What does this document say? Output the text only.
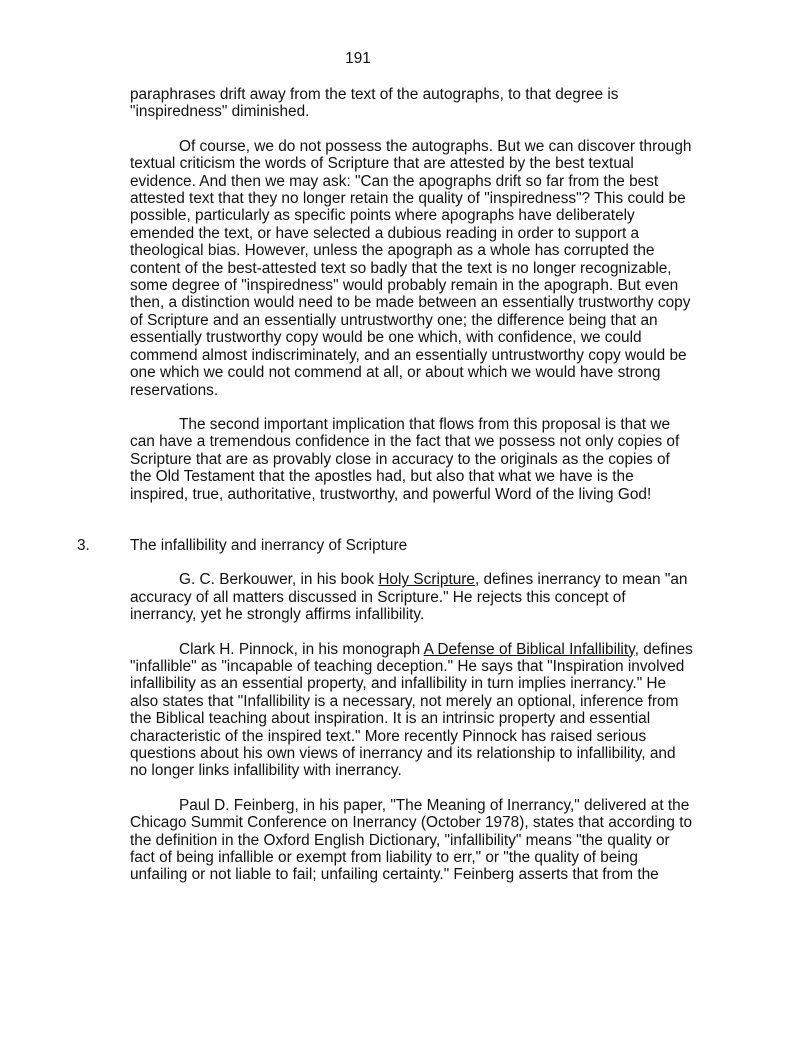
191

paraphrases drift away from the text of the autographs, to that degree is "inspiredness" diminished.

Of course, we do not possess the autographs. But we can discover through textual criticism the words of Scripture that are attested by the best textual evidence. And then we may ask: "Can the apographs drift so far from the best attested text that they no longer retain the quality of "inspiredness"? This could be possible, particularly as specific points where apographs have deliberately emended the text, or have selected a dubious reading in order to support a theological bias. However, unless the apograph as a whole has corrupted the content of the best-attested text so badly that the text is no longer recognizable, some degree of "inspiredness" would probably remain in the apograph. But even then, a distinction would need to be made between an essentially trustworthy copy of Scripture and an essentially untrustworthy one; the difference being that an essentially trustworthy copy would be one which, with confidence, we could commend almost indiscriminately, and an essentially untrustworthy copy would be one which we could not commend at all, or about which we would have strong reservations.

The second important implication that flows from this proposal is that we can have a tremendous confidence in the fact that we possess not only copies of Scripture that are as provably close in accuracy to the originals as the copies of the Old Testament that the apostles had, but also that what we have is the inspired, true, authoritative, trustworthy, and powerful Word of the living God!

3.	The infallibility and inerrancy of Scripture

G. C. Berkouwer, in his book Holy Scripture, defines inerrancy to mean "an accuracy of all matters discussed in Scripture." He rejects this concept of inerrancy, yet he strongly affirms infallibility.

Clark H. Pinnock, in his monograph A Defense of Biblical Infallibility, defines "infallible" as "incapable of teaching deception." He says that "Inspiration involved infallibility as an essential property, and infallibility in turn implies inerrancy." He also states that "Infallibility is a necessary, not merely an optional, inference from the Biblical teaching about inspiration. It is an intrinsic property and essential characteristic of the inspired text." More recently Pinnock has raised serious questions about his own views of inerrancy and its relationship to infallibility, and no longer links infallibility with inerrancy.

Paul D. Feinberg, in his paper, "The Meaning of Inerrancy," delivered at the Chicago Summit Conference on Inerrancy (October 1978), states that according to the definition in the Oxford English Dictionary, "infallibility" means "the quality or fact of being infallible or exempt from liability to err," or "the quality of being unfailing or not liable to fail; unfailing certainty." Feinberg asserts that from the
